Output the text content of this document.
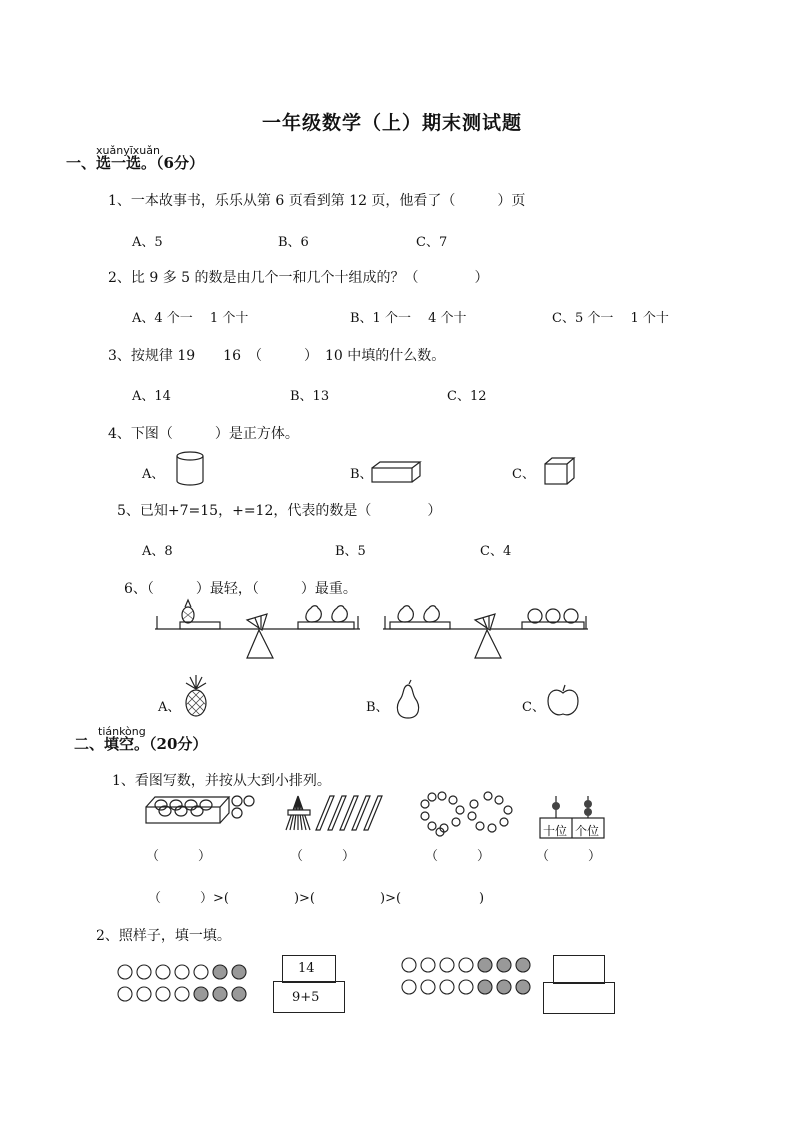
一年级数学（上）期末测试题
xuǎnyīxuǎn
一、选一选。（6分）
1、一本故事书，乐乐从第 6 页看到第 12 页，他看了（　　　）页
A、5	B、6	C、7
2、比 9 多 5 的数是由几个一和几个十组成的？（　　　　）
A、4 个一　 1 个十	B、1 个一　 4 个十	C、5 个一　 1 个十
3、按规律 19　　16　（　　　）　10 中填的什么数。
A、14	B、13	C、12
4、下图（　　　）是正方体。
A、	B、	C、
5、已知+7=15，+=12，代表的数是（　　　　）
A、8	B、5	C、4
6、（　　　）最轻，（　　　）最重。
A、	B、	C、
tiánkòng
二、填空。（20分）
1、看图写数，并按从大到小排列。
十位 个位
（　　　）	（　　　）	（　　　）	（　　　）
（　　　）>(　　　　　)>(　　　　　)>(　　　　　　)
2、照样子，填一填。
14
9+5
